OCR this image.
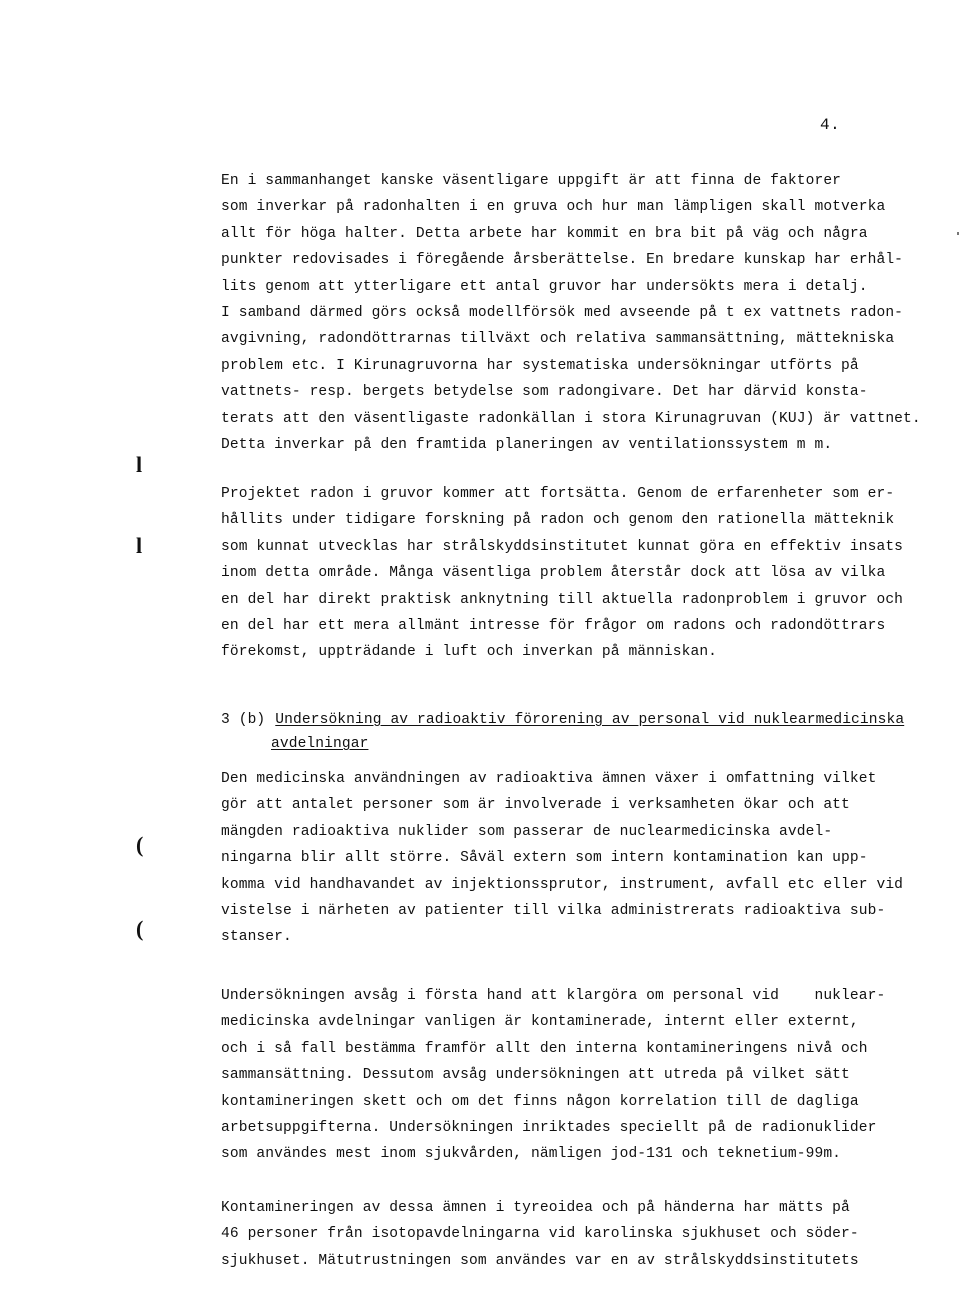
4.
l
l
(
(
En i sammanhanget kanske väsentligare uppgift är att finna de faktorer
som inverkar på radonhalten i en gruva och hur man lämpligen skall motverka
allt för höga halter. Detta arbete har kommit en bra bit på väg och några
punkter redovisades i föregående årsberättelse. En bredare kunskap har erhål-
lits genom att ytterligare ett antal gruvor har undersökts mera i detalj.
I samband därmed görs också modellförsök med avseende på t ex vattnets radon-
avgivning, radondöttrarnas tillväxt och relativa sammansättning, mättekniska
problem etc. I Kirunagruvorna har systematiska undersökningar utförts på
vattnets- resp. bergets betydelse som radongivare. Det har därvid konsta-
terats att den väsentligaste radonkällan i stora Kirunagruvan (KUJ) är vattnet.
Detta inverkar på den framtida planeringen av ventilationssystem m m.
Projektet radon i gruvor kommer att fortsätta. Genom de erfarenheter som er-
hållits under tidigare forskning på radon och genom den rationella mätteknik
som kunnat utvecklas har strålskyddsinstitutet kunnat göra en effektiv insats
inom detta område. Många väsentliga problem återstår dock att lösa av vilka
en del har direkt praktisk anknytning till aktuella radonproblem i gruvor och
en del har ett mera allmänt intresse för frågor om radons och radondöttrars
förekomst, uppträdande i luft och inverkan på människan.
3 (b) Undersökning av radioaktiv förorening av personal vid nuklearmedicinska
avdelningar
Den medicinska användningen av radioaktiva ämnen växer i omfattning vilket
gör att antalet personer som är involverade i verksamheten ökar och att
mängden radioaktiva nuklider som passerar de nuclearmedicinska avdel-
ningarna blir allt större. Såväl extern som intern kontamination kan upp-
komma vid handhavandet av injektionssprutor, instrument, avfall etc eller vid
vistelse i närheten av patienter till vilka administrerats radioaktiva sub-
stanser.
Undersökningen avsåg i första hand att klargöra om personal vid    nuklear-
medicinska avdelningar vanligen är kontaminerade, internt eller externt,
och i så fall bestämma framför allt den interna kontamineringens nivå och
sammansättning. Dessutom avsåg undersökningen att utreda på vilket sätt
kontamineringen skett och om det finns någon korrelation till de dagliga
arbetsuppgifterna. Undersökningen inriktades speciellt på de radionuklider
som användes mest inom sjukvården, nämligen jod-131 och teknetium-99m.
Kontamineringen av dessa ämnen i tyreoidea och på händerna har mätts på
46 personer från isotopavdelningarna vid karolinska sjukhuset och söder-
sjukhuset. Mätutrustningen som användes var en av strålskyddsinstitutets
